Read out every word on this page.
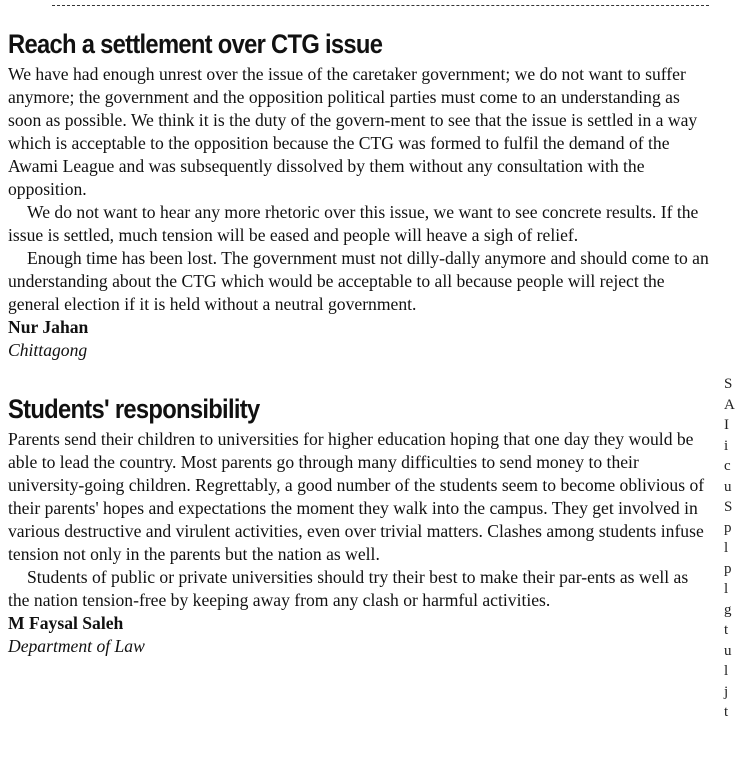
Reach a settlement over CTG issue

We have had enough unrest over the issue of the caretaker government; we do not want to suffer anymore; the government and the opposition political parties must come to an understanding as soon as possible. We think it is the duty of the govern-ment to see that the issue is settled in a way which is acceptable to the opposition because the CTG was formed to fulfil the demand of the Awami League and was subsequently dissolved by them without any consultation with the opposition.

We do not want to hear any more rhetoric over this issue, we want to see concrete results. If the issue is settled, much tension will be eased and people will heave a sigh of relief.

Enough time has been lost. The government must not dilly-dally anymore and should come to an understanding about the CTG which would be acceptable to all because people will reject the general election if it is held without a neutral government.

Nur Jahan

Chittagong

Students' responsibility

Parents send their children to universities for higher education hoping that one day they would be able to lead the country. Most parents go through many difficulties to send money to their university-going children. Regrettably, a good number of the students seem to become oblivious of their parents' hopes and expectations the moment they walk into the campus. They get involved in various destructive and virulent activities, even over trivial matters. Clashes among students infuse tension not only in the parents but the nation as well.

Students of public or private universities should try their best to make their par-ents as well as the nation tension-free by keeping away from any clash or harmful activities.

M Faysal Saleh

Department of Law

S
A
I
i
c
u
S
p
l
p
l
g
t
u
l
j
t
